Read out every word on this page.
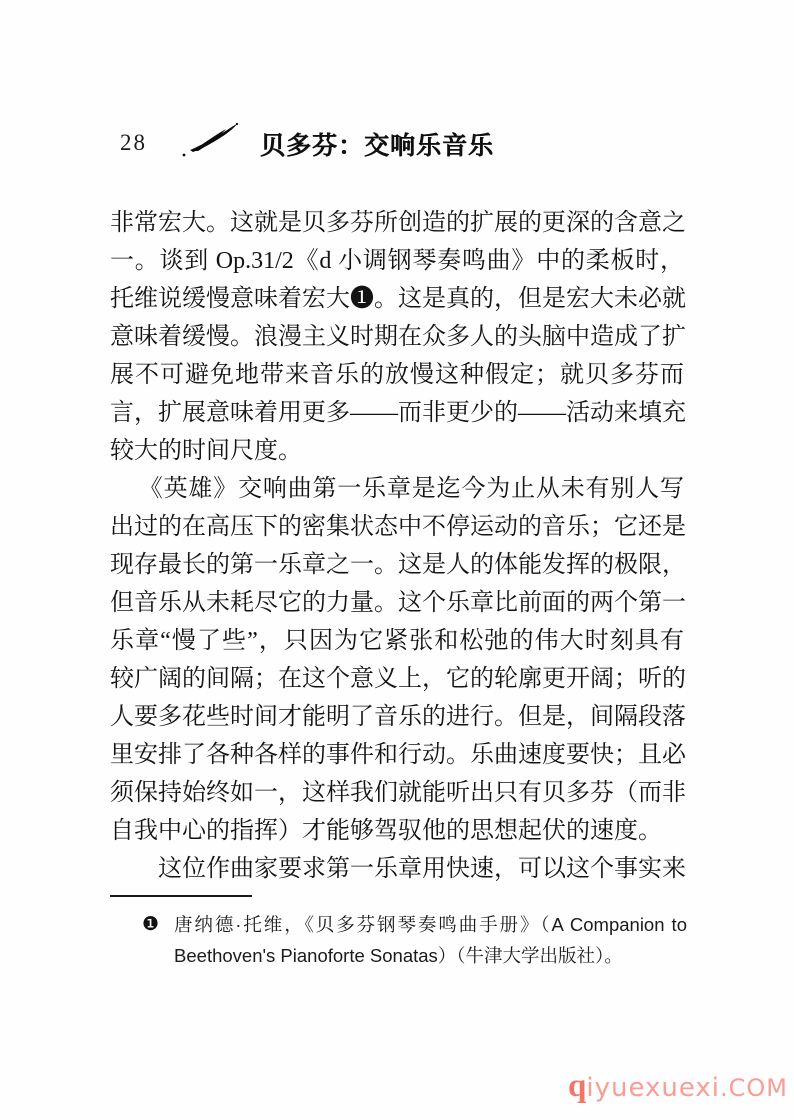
28	贝多芬：交响乐音乐
非常宏大。这就是贝多芬所创造的扩展的更深的含意之
一。谈到 Op.31/2《d 小调钢琴奏鸣曲》中的柔板时，
托维说缓慢意味着宏大❶。这是真的，但是宏大未必就
意味着缓慢。浪漫主义时期在众多人的头脑中造成了扩
展不可避免地带来音乐的放慢这种假定；就贝多芬而
言，扩展意味着用更多——而非更少的——活动来填充
较大的时间尺度。
《英雄》交响曲第一乐章是迄今为止从未有别人写
出过的在高压下的密集状态中不停运动的音乐；它还是
现存最长的第一乐章之一。这是人的体能发挥的极限，
但音乐从未耗尽它的力量。这个乐章比前面的两个第一
乐章“慢了些”，只因为它紧张和松弛的伟大时刻具有
较广阔的间隔；在这个意义上，它的轮廓更开阔；听的
人要多花些时间才能明了音乐的进行。但是，间隔段落
里安排了各种各样的事件和行动。乐曲速度要快；且必
须保持始终如一，这样我们就能听出只有贝多芬（而非
自我中心的指挥）才能够驾驭他的思想起伏的速度。
这位作曲家要求第一乐章用快速，可以这个事实来
❶ 唐纳德·托维，《贝多芬钢琴奏鸣曲手册》（A Companion to
Beethoven's Pianoforte Sonatas）（牛津大学出版社）。
qiyuexuexi.COM
